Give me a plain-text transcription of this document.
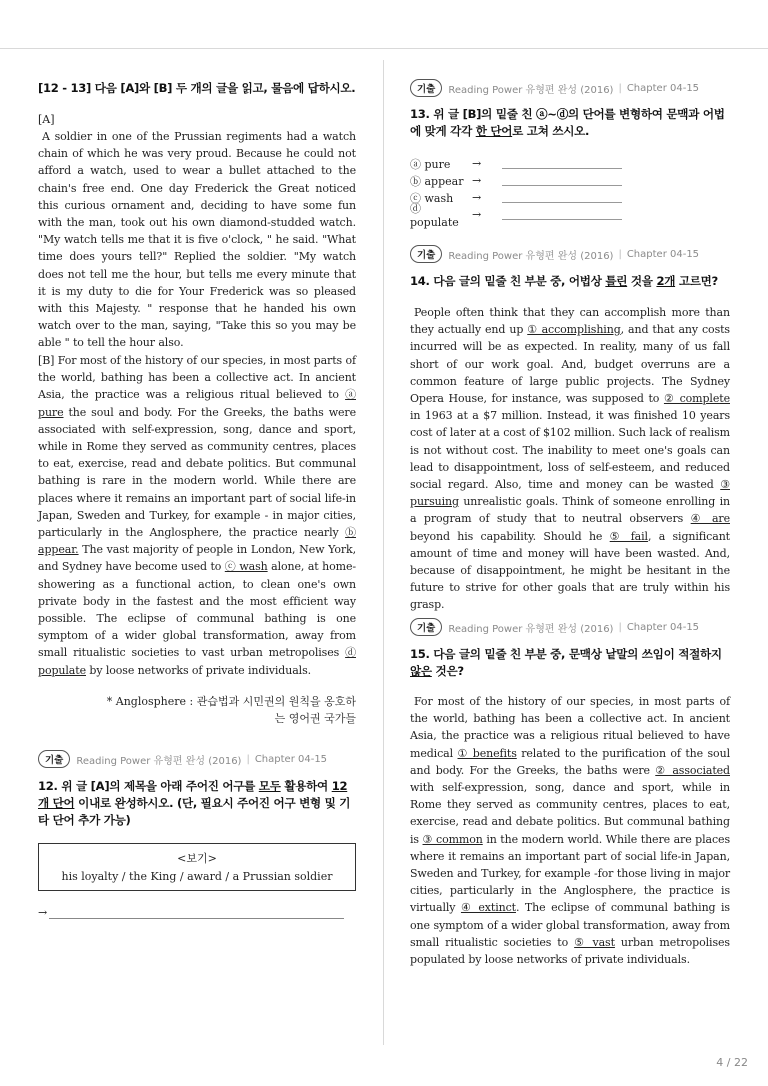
4 / 22

[12 - 13] 다음 [A]와 [B] 두 개의 글을 읽고, 물음에 답하시오.

[A]

A soldier in one of the Prussian regiments had a watch chain of which he was very proud. Because he could not afford a watch, used to wear a bullet attached to the chain's free end. One day Frederick the Great noticed this curious ornament and, deciding to have some fun with the man, took out his own diamond-studded watch. "My watch tells me that it is five o'clock, " he said. "What time does yours tell?" Replied the soldier. "My watch does not tell me the hour, but tells me every minute that it is my duty to die for Your Frederick was so pleased with this Majesty. " response that he handed his own watch over to the man, saying, "Take this so you may be able " to tell the hour also.

[B] For most of the history of our species, in most parts of the world, bathing has been a collective act. In ancient Asia, the practice was a religious ritual believed to ⓐ pure the soul and body. For the Greeks, the baths were associated with self-expression, song, dance and sport, while in Rome they served as community centres, places to eat, exercise, read and debate politics. But communal bathing is rare in the modern world. While there are places where it remains an important part of social life-in Japan, Sweden and Turkey, for example - in major cities, particularly in the Anglosphere, the practice nearly ⓑ appear. The vast majority of people in London, New York, and Sydney have become used to ⓒ wash alone, at home-showering as a functional action, to clean one's own private body in the fastest and the most efficient way possible. The eclipse of communal bathing is one symptom of a wider global transformation, away from small ritualistic societies to vast urban metropolises ⓓ populate by loose networks of private individuals.

* Anglosphere : 관습법과 시민권의 원칙을 옹호하는 영어권 국가들

기출	Reading Power 유형편 완성 (2016) | Chapter 04-15

12. 위 글 [A]의 제목을 아래 주어진 어구를 모두 활용하여 12개 단어 이내로 완성하시오. (단, 필요시 주어진 어구 변형 및 기타 단어 추가 가능)

<보기>
his loyalty / the King / award / a Prussian soldier
→
기출	Reading Power 유형편 완성 (2016) | Chapter 04-15

13. 위 글 [B]의 밑줄 친 ⓐ~ⓓ의 단어를 변형하여 문맥과 어법에 맞게 각각 한 단어로 고쳐 쓰시오.

ⓐ pure	→
ⓑ appear →
ⓒ wash	→
ⓓ populate
→
기출	Reading Power 유형편 완성 (2016) | Chapter 04-15

14. 다음 글의 밑줄 친 부분 중, 어법상 틀린 것을 2개 고르면?

People often think that they can accomplish more than they actually end up ① accomplishing, and that any costs incurred will be as expected. In reality, many of us fall short of our work goal. And, budget overruns are a common feature of large public projects. The Sydney Opera House, for instance, was supposed to ② complete in 1963 at a $7 million. Instead, it was finished 10 years cost of later at a cost of $102 million. Such lack of realism is not without cost. The inability to meet one's goals can lead to disappointment, loss of self-esteem, and reduced social regard. Also, time and money can be wasted ③ pursuing unrealistic goals. Think of someone enrolling in a program of study that to neutral observers ④ are beyond his capability. Should he ⑤ fail, a significant amount of time and money will have been wasted. And, because of disappointment, he might be hesitant in the future to strive for other goals that are truly within his grasp.

기출	Reading Power 유형편 완성 (2016) | Chapter 04-15

15. 다음 글의 밑줄 친 부분 중, 문맥상 낱말의 쓰임이 적절하지 않은 것은?

For most of the history of our species, in most parts of the world, bathing has been a collective act. In ancient Asia, the practice was a religious ritual believed to have medical ① benefits related to the purification of the soul and body. For the Greeks, the baths were ② associated with self-expression, song, dance and sport, while in Rome they served as community centres, places to eat, exercise, read and debate politics. But communal bathing is ③ common in the modern world. While there are places where it remains an important part of social life-in Japan, Sweden and Turkey, for example -for those living in major cities, particularly in the Anglosphere, the practice is virtually ④ extinct. The eclipse of communal bathing is one symptom of a wider global transformation, away from small ritualistic societies to ⑤ vast urban metropolises populated by loose networks of private individuals.
